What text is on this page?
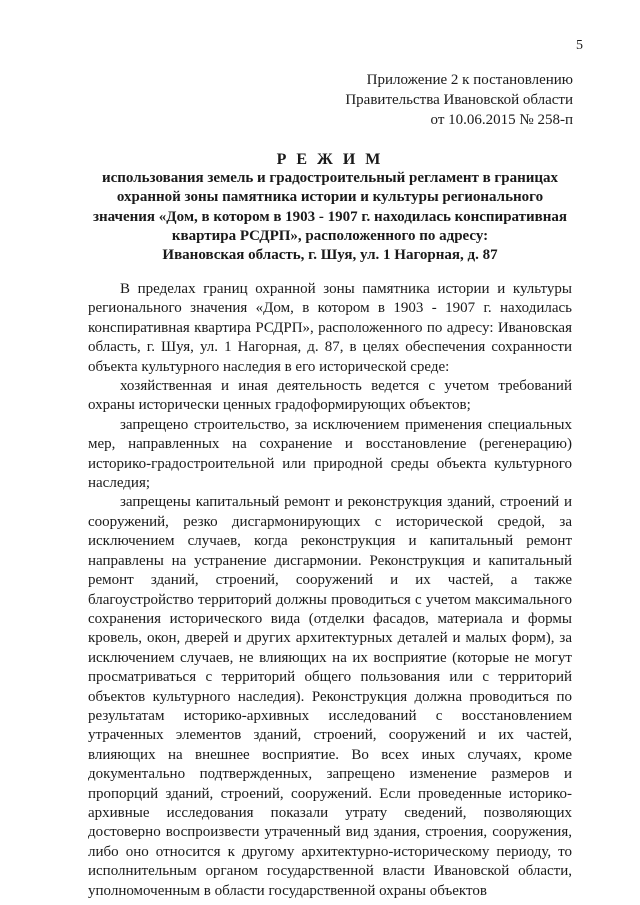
5
Приложение 2 к постановлению
Правительства Ивановской области
от 10.06.2015 № 258-п
Р Е Ж И М
использования земель и градостроительный регламент в границах
охранной зоны памятника истории и культуры регионального
значения «Дом, в котором в 1903 - 1907 г. находилась конспиративная
квартира РСДРП», расположенного по адресу:
Ивановская область, г. Шуя, ул. 1 Нагорная, д. 87

В пределах границ охранной зоны памятника истории и культуры регионального значения «Дом, в котором в 1903 - 1907 г. находилась конспиративная квартира РСДРП», расположенного по адресу: Ивановская область, г. Шуя, ул. 1 Нагорная, д. 87, в целях обеспечения сохранности объекта культурного наследия в его исторической среде:

хозяйственная и иная деятельность ведется с учетом требований охраны исторически ценных градоформирующих объектов;

запрещено строительство, за исключением применения специальных мер, направленных на сохранение и восстановление (регенерацию) историко-градостроительной или природной среды объекта культурного наследия;

запрещены капитальный ремонт и реконструкция зданий, строений и сооружений, резко дисгармонирующих с исторической средой, за исключением случаев, когда реконструкция и капитальный ремонт направлены на устранение дисгармонии. Реконструкция и капитальный ремонт зданий, строений, сооружений и их частей, а также благоустройство территорий должны проводиться с учетом максимального сохранения исторического вида (отделки фасадов, материала и формы кровель, окон, дверей и других архитектурных деталей и малых форм), за исключением случаев, не влияющих на их восприятие (которые не могут просматриваться с территорий общего пользования или с территорий объектов культурного наследия). Реконструкция должна проводиться по результатам историко-архивных исследований с восстановлением утраченных элементов зданий, строений, сооружений и их частей, влияющих на внешнее восприятие. Во всех иных случаях, кроме документально подтвержденных, запрещено изменение размеров и пропорций зданий, строений, сооружений. Если проведенные историко-архивные исследования показали утрату сведений, позволяющих достоверно воспроизвести утраченный вид здания, строения, сооружения, либо оно относится к другому архитектурно-историческому периоду, то исполнительным органом государственной власти Ивановской области, уполномоченным в области государственной охраны объектов
